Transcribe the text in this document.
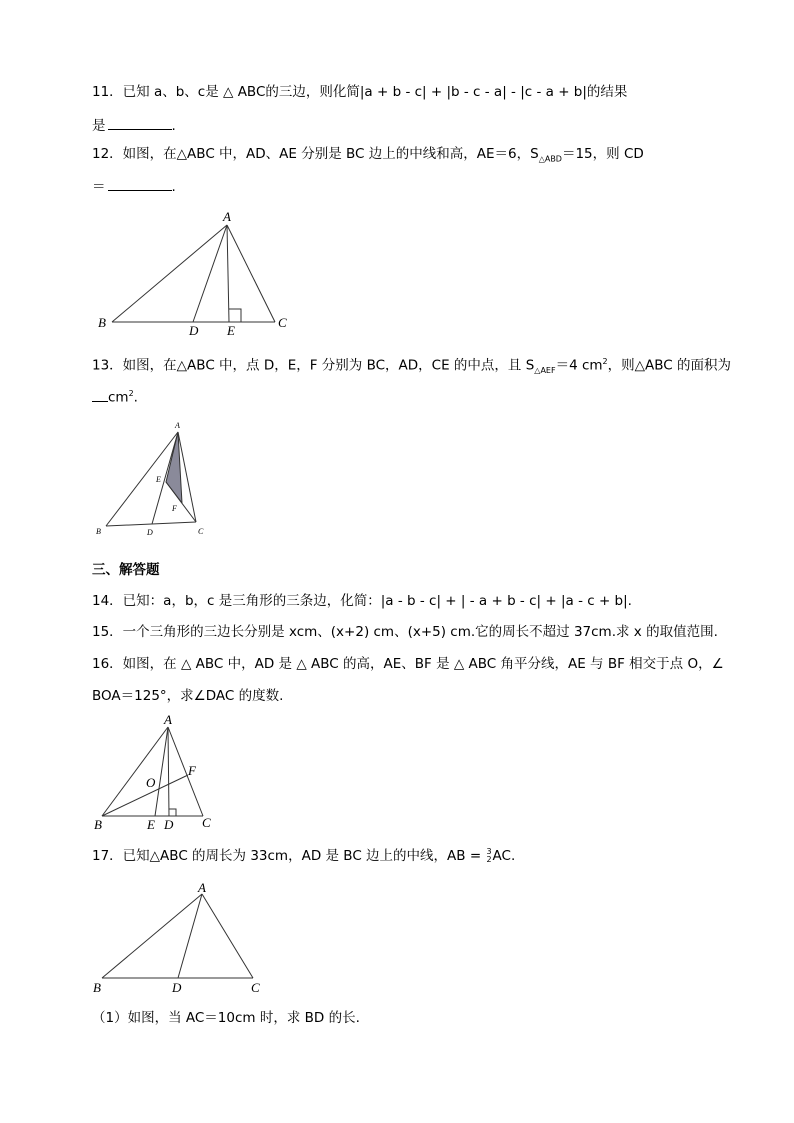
11．已知 a、b、c是 △ ABC的三边，则化简|a + b - c| + |b - c - a| - |c - a + b|的结果
是	.
12．如图，在△ABC 中，AD、AE 分别是 BC 边上的中线和高，AE＝6，$S_{\triangle ABD}=15$，则 CD
＝	.
A
B	C
D E
13．如图，在△ABC 中，点 D，E，F 分别为 BC，AD，CE 的中点，且 $S_{\triangle AEF}=4$ $cm^2$，则△ABC 的面积为
$cm^2$.
A
B	C
D
E
F
三、解答题
14．已知：a，b，c 是三角形的三条边，化简：|a - b - c| + | - a + b - c| + |a - c + b|.
15．一个三角形的三边长分别是 xcm、(x+2) cm、(x+5) cm.它的周长不超过 37cm.求 x 的取值范围.
16．如图，在 △ ABC 中，AD 是 △ ABC 的高，AE、BF 是 △ ABC 角平分线，AE 与 BF 相交于点 O，∠
BOA＝125°，求∠DAC 的度数.
A
B	C
D
E
F
O
17．已知△ABC 的周长为 33cm，AD 是 BC 边上的中线，AB = 3
2 AC.
A
B	C
D
（1）如图，当 AC＝10cm 时，求 BD 的长.
